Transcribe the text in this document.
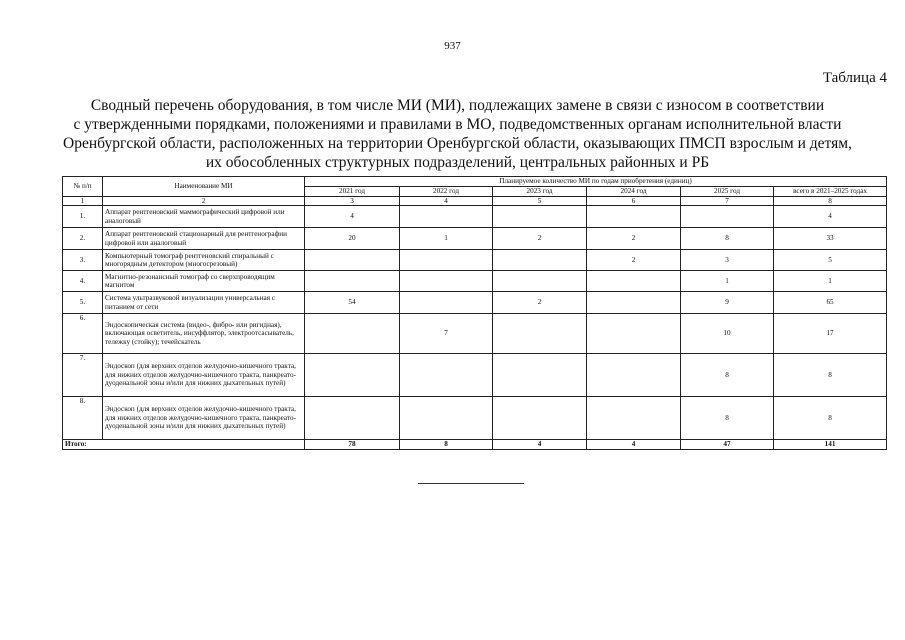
937
Таблица 4
Сводный перечень оборудования, в том числе МИ (МИ), подлежащих замене в связи с износом в соответствии
с утвержденными порядками, положениями и правилами в МО, подведомственных органам исполнительной власти
Оренбургской области, расположенных на территории Оренбургской области, оказывающих ПМСП взрослым и детям,
их обособленных структурных подразделений, центральных районных и РБ
№ п/п	Наименование МИ	Планируемое количество МИ по годам приобретения (единиц)					
		2021 год	2022 год	2023 год	2024 год	2025 год	всего в 2021–2025 годах
1	2	3	4	5	6	7	8
1.	Аппарат рентгеновский маммографический цифровой или аналоговый	4					4
2.	Аппарат рентгеновский стационарный для рентгенографии цифровой или аналоговый	20	1	2	2	8	33
3.	Компьютерный томограф рентгеновский спиральный с многорядным детектором (многосрезовый)				2	3	5
4.	Магнитно-резонансный томограф со сверхпроводящим магнитом					1	1
5.	Система ультразвуковой визуализации универсальная с питанием от сети	54		2		9	65
6.	Эндоскопическая система (видео-, фибро- или ригидная), включающая осветитель, инсуффлятор, электроотсасыватель, тележку (стойку); течейскатель		7			10	17
7.	Эндоскоп (для верхних отделов желудочно-кишечного тракта, для нижних отделов желудочно-кишечного тракта, панкреато-дуоденальной зоны и/или для нижних дыхательных путей)					8	8
8.	Эндоскоп (для верхних отделов желудочно-кишечного тракта, для нижних отделов желудочно-кишечного тракта, панкреато-дуоденальной зоны и/или для нижних дыхательных путей)					8	8
Итого:		78	8	4	4	47	141
